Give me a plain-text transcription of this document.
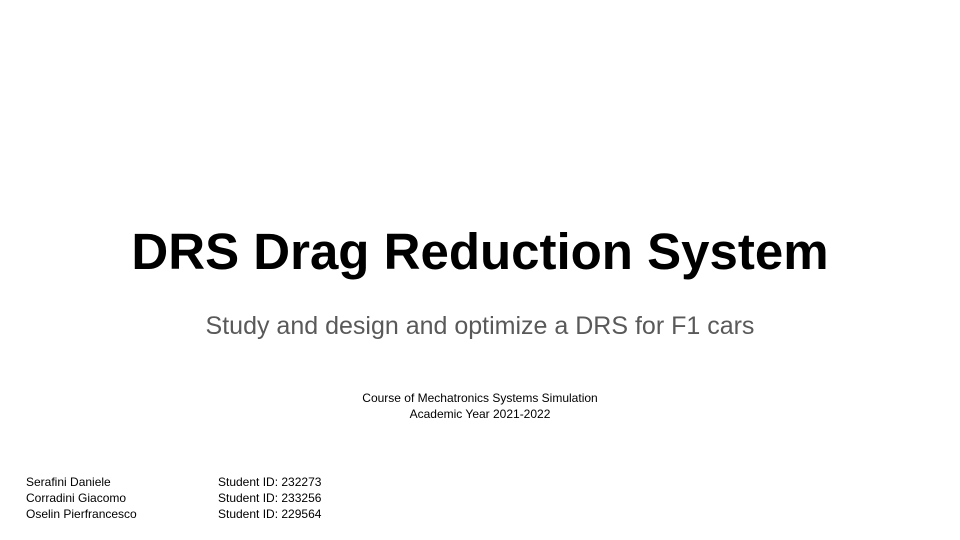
DRS Drag Reduction System
Study and design and optimize a DRS for F1 cars
Course of Mechatronics Systems Simulation
Academic Year 2021-2022
Serafini Daniele	Student ID: 232273
Corradini Giacomo	Student ID: 233256
Oselin Pierfrancesco	Student ID: 229564
